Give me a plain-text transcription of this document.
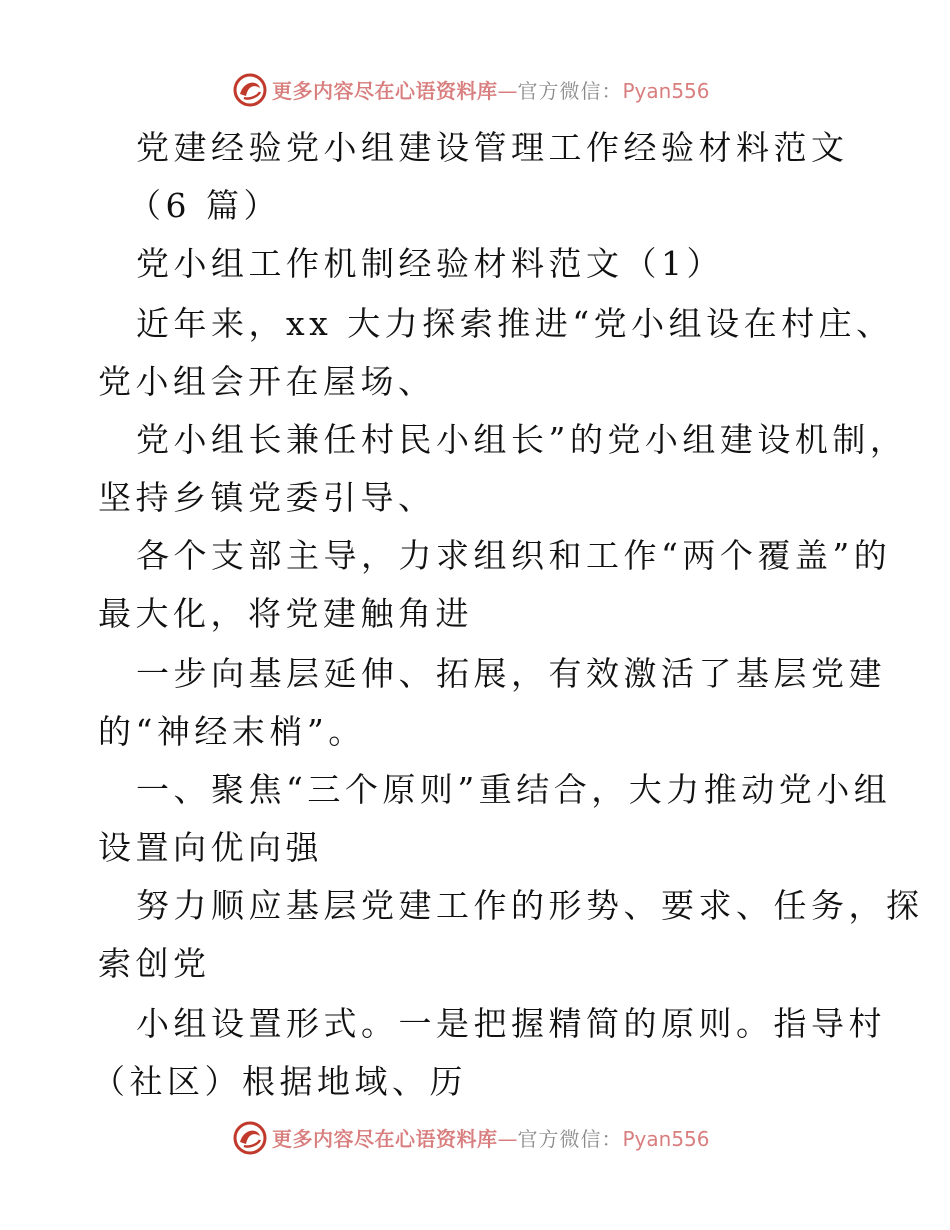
更多内容尽在心语资料库—官方微信：Pyan556
党建经验党小组建设管理工作经验材料范文
（6 篇）
党小组工作机制经验材料范文（1）
近年来，xx 大力探索推进“党小组设在村庄、
党小组会开在屋场、
党小组长兼任村民小组长”的党小组建设机制，
坚持乡镇党委引导、
各个支部主导，力求组织和工作“两个覆盖”的
最大化，将党建触角进
一步向基层延伸、拓展，有效激活了基层党建
的“神经末梢”。
一、聚焦“三个原则”重结合，大力推动党小组
设置向优向强
努力顺应基层党建工作的形势、要求、任务，探
索创党
小组设置形式。一是把握精简的原则。指导村
（社区）根据地域、历
更多内容尽在心语资料库—官方微信：Pyan556
